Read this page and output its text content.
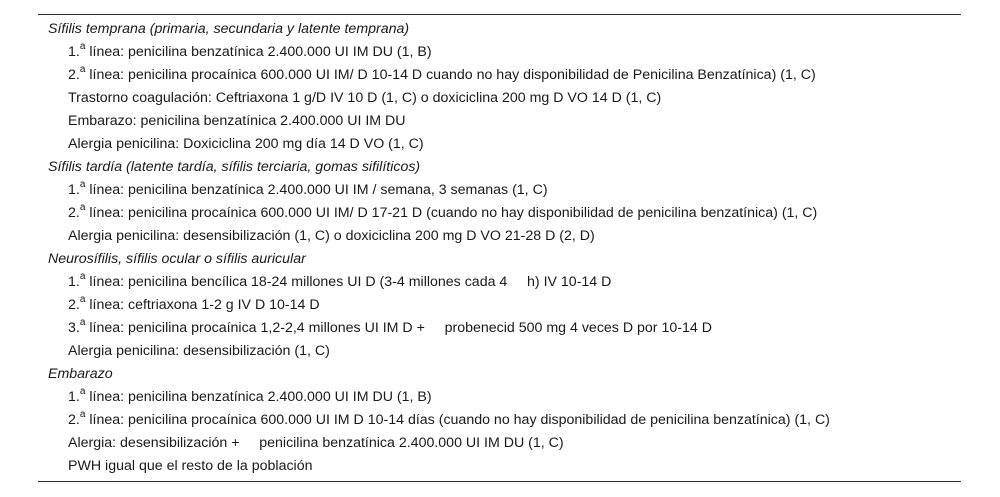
Sífilis temprana (primaria, secundaria y latente temprana)
1.$^a$ línea: penicilina benzatínica 2.400.000 UI IM DU (1, B)
2.$^a$ línea: penicilina procaínica 600.000 UI IM/ D 10-14 D cuando no hay disponibilidad de Penicilina Benzatínica) (1, C)
Trastorno coagulación: Ceftriaxona 1 g/D IV 10 D (1, C) o doxiciclina 200 mg D VO 14 D (1, C)
Embarazo: penicilina benzatínica 2.400.000 UI IM DU
Alergia penicilina: Doxiciclina 200 mg día 14 D VO (1, C)
Sífilis tardía (latente tardía, sífilis terciaria, gomas sifilíticos)
1.$^a$ línea: penicilina benzatínica 2.400.000 UI IM / semana, 3 semanas (1, C)
2.$^a$ línea: penicilina procaínica 600.000 UI IM/ D 17-21 D (cuando no hay disponibilidad de penicilina benzatínica) (1, C)
Alergia penicilina: desensibilización (1, C) o doxiciclina 200 mg D VO 21-28 D (2, D)
Neurosífilis, sífilis ocular o sífilis auricular
1.$^a$ línea: penicilina bencílica 18-24 millones UI D (3-4 millones cada 4     h) IV 10-14 D
2.$^a$ línea: ceftriaxona 1-2 g IV D 10-14 D
3.$^a$ línea: penicilina procaínica 1,2-2,4 millones UI IM D +     probenecid 500 mg 4 veces D por 10-14 D
Alergia penicilina: desensibilización (1, C)
Embarazo
1.$^a$ línea: penicilina benzatínica 2.400.000 UI IM DU (1, B)
2.$^a$ línea: penicilina procaínica 600.000 UI IM D 10-14 días (cuando no hay disponibilidad de penicilina benzatínica) (1, C)
Alergia: desensibilización +     penicilina benzatínica 2.400.000 UI IM DU (1, C)
PWH igual que el resto de la población
